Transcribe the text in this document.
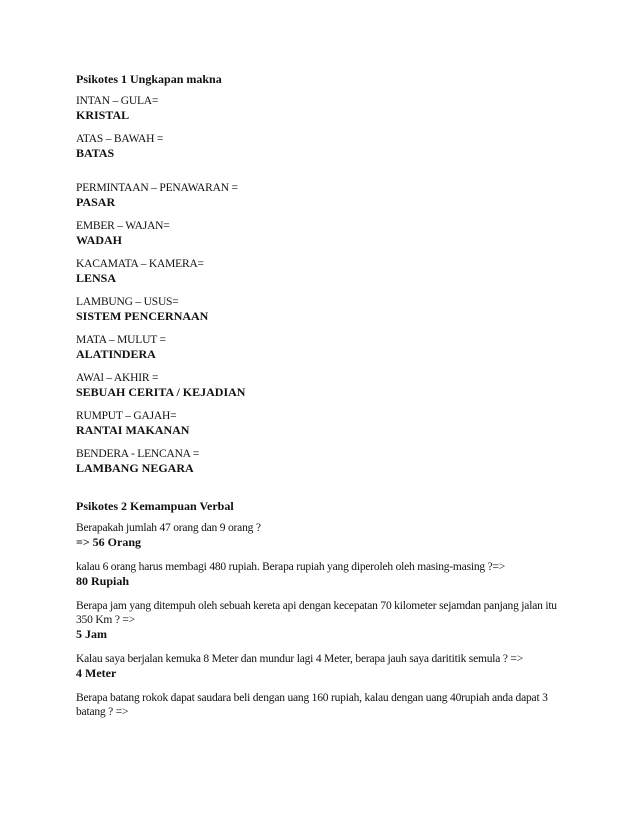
Psikotes 1 Ungkapan makna
INTAN – GULA=
KRISTAL
ATAS – BAWAH =
BATAS
PERMINTAAN – PENAWARAN =
PASAR
EMBER – WAJAN=
WADAH
KACAMATA – KAMERA=
LENSA
LAMBUNG – USUS=
SISTEM PENCERNAAN
MATA – MULUT =
ALATINDERA
AWAl – AKHIR =
SEBUAH CERITA / KEJADIAN
RUMPUT – GAJAH=
RANTAI MAKANAN
BENDERA - LENCANA =
LAMBANG NEGARA
Psikotes 2 Kemampuan Verbal
Berapakah jumlah 47 orang dan 9 orang ?
=> 56 Orang
kalau 6 orang harus membagi 480 rupiah. Berapa rupiah yang diperoleh oleh masing-masing ?=>
80 Rupiah
Berapa jam yang ditempuh oleh sebuah kereta api dengan kecepatan 70 kilometer sejamdan panjang jalan itu 350 Km ? =>
5 Jam
Kalau saya berjalan kemuka 8 Meter dan mundur lagi 4 Meter, berapa jauh saya darititik semula ? =>
4 Meter
Berapa batang rokok dapat saudara beli dengan uang 160 rupiah, kalau dengan uang 40rupiah anda dapat 3 batang ? =>
